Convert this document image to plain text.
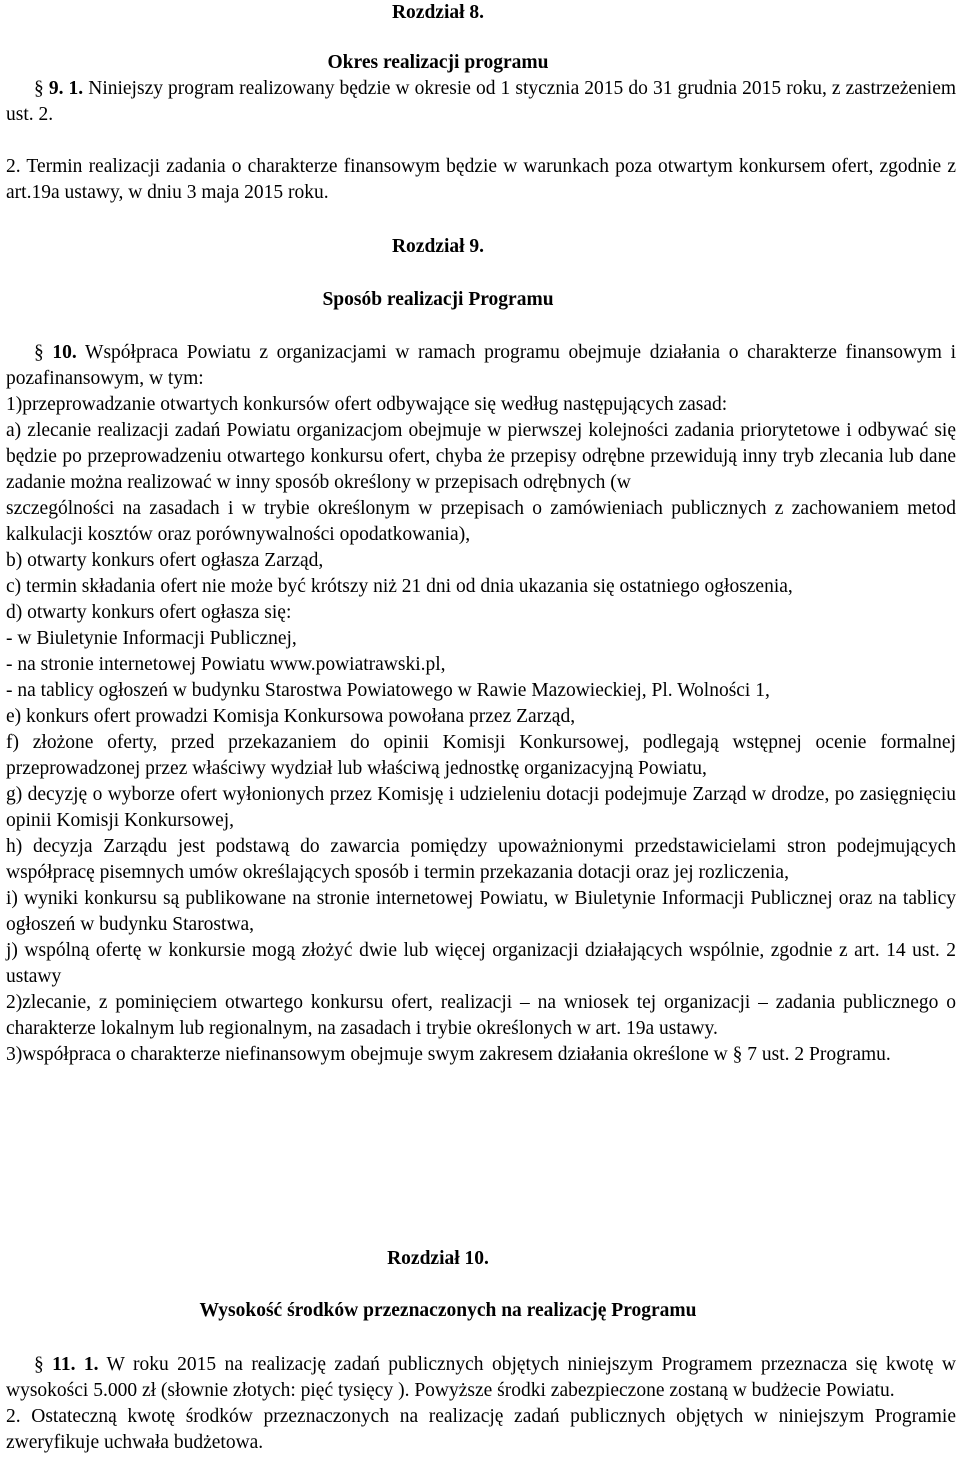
Rozdział 8.
Okres realizacji programu

§ 9. 1. Niniejszy program realizowany będzie w okresie od 1 stycznia 2015 do 31 grudnia 2015 roku, z zastrzeżeniem ust. 2.

2. Termin realizacji zadania o charakterze finansowym będzie w warunkach poza otwartym konkursem ofert, zgodnie z art.19a ustawy, w dniu 3 maja 2015 roku.

Rozdział 9.
Sposób realizacji Programu

§ 10. Współpraca Powiatu z organizacjami w ramach programu obejmuje działania o charakterze finansowym i pozafinansowym, w tym:

1)przeprowadzanie otwartych konkursów ofert odbywające się według następujących zasad:

a) zlecanie realizacji zadań Powiatu organizacjom obejmuje w pierwszej kolejności zadania priorytetowe i odbywać się będzie po przeprowadzeniu otwartego konkursu ofert, chyba że przepisy odrębne przewidują inny tryb zlecania lub dane zadanie można realizować w inny sposób określony w przepisach odrębnych (w

szczególności na zasadach i w trybie określonym w przepisach o zamówieniach publicznych z zachowaniem metod kalkulacji kosztów oraz porównywalności opodatkowania),

b) otwarty konkurs ofert ogłasza Zarząd,

c) termin składania ofert nie może być krótszy niż 21 dni od dnia ukazania się ostatniego ogłoszenia,

d) otwarty konkurs ofert ogłasza się:

- w Biuletynie Informacji Publicznej,

- na stronie internetowej Powiatu www.powiatrawski.pl,

- na tablicy ogłoszeń w budynku Starostwa Powiatowego w Rawie Mazowieckiej, Pl. Wolności 1,

e) konkurs ofert prowadzi Komisja Konkursowa powołana przez Zarząd,

f) złożone oferty, przed przekazaniem do opinii Komisji Konkursowej, podlegają wstępnej ocenie formalnej przeprowadzonej przez właściwy wydział lub właściwą jednostkę organizacyjną Powiatu,

g) decyzję o wyborze ofert wyłonionych przez Komisję i udzieleniu dotacji podejmuje Zarząd w drodze, po zasięgnięciu opinii Komisji Konkursowej,

h) decyzja Zarządu jest podstawą do zawarcia pomiędzy upoważnionymi przedstawicielami stron podejmujących współpracę pisemnych umów określających sposób i termin przekazania dotacji oraz jej rozliczenia,

i) wyniki konkursu są publikowane na stronie internetowej Powiatu, w Biuletynie Informacji Publicznej oraz na tablicy ogłoszeń w budynku Starostwa,

j) wspólną ofertę w konkursie mogą złożyć dwie lub więcej organizacji działających wspólnie, zgodnie z art. 14 ust. 2 ustawy

2)zlecanie, z pominięciem otwartego konkursu ofert, realizacji – na wniosek tej organizacji – zadania publicznego o charakterze lokalnym lub regionalnym, na zasadach i trybie określonych w art. 19a ustawy.

3)współpraca o charakterze niefinansowym obejmuje swym zakresem działania określone w § 7 ust. 2 Programu.

Rozdział 10.
Wysokość środków przeznaczonych na realizację Programu

§ 11. 1. W roku 2015 na realizację zadań publicznych objętych niniejszym Programem przeznacza się kwotę w wysokości 5.000 zł (słownie złotych: pięć tysięcy ). Powyższe środki zabezpieczone zostaną w budżecie Powiatu.

2. Ostateczną kwotę środków przeznaczonych na realizację zadań publicznych objętych w niniejszym Programie zweryfikuje uchwała budżetowa.
